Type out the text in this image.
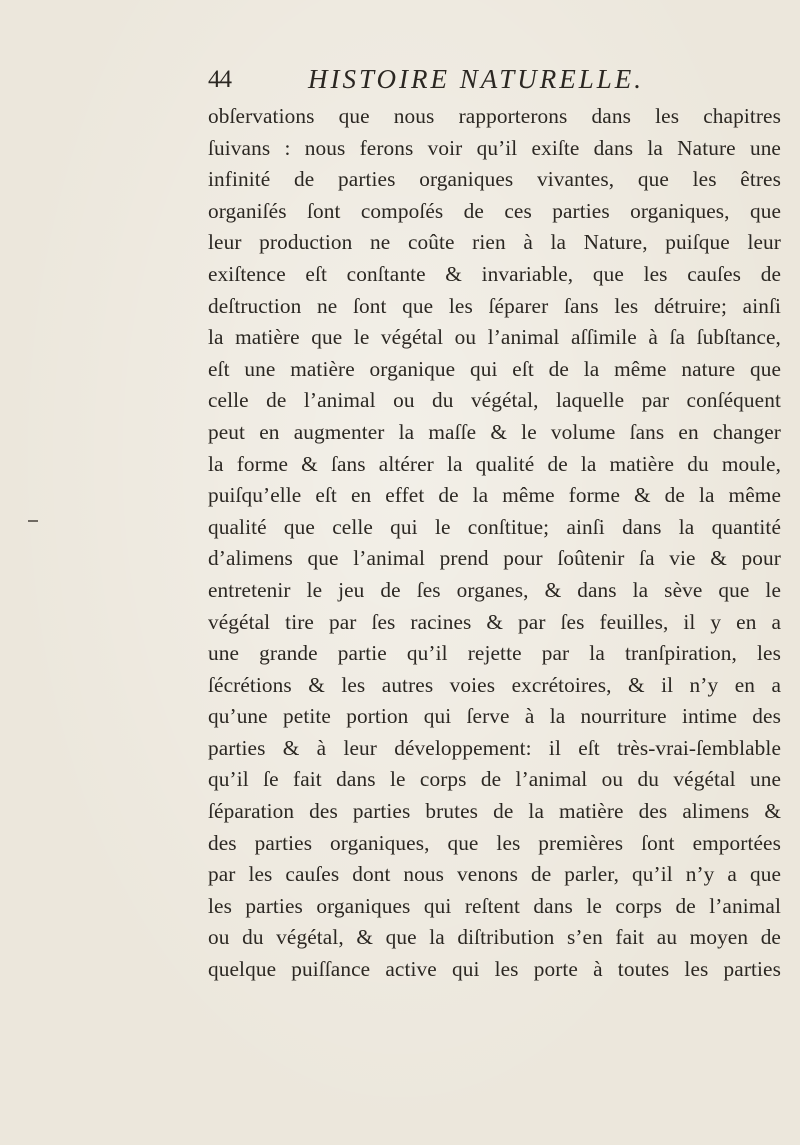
44	HISTOIRE NATURELLE.
obſervations que nous rapporterons dans les chapitres
ſuivans : nous ferons voir qu’il exiſte dans la Nature une
infinité de parties organiques vivantes, que les êtres
organiſés ſont compoſés de ces parties organiques, que
leur production ne coûte rien à la Nature, puiſque leur
exiſtence eſt conſtante & invariable, que les cauſes de
deſtruction ne ſont que les ſéparer ſans les détruire; ainſi
la matière que le végétal ou l’animal aſſimile à ſa ſubſtance,
eſt une matière organique qui eſt de la même nature que
celle de l’animal ou du végétal, laquelle par conſéquent
peut en augmenter la maſſe & le volume ſans en changer
la forme & ſans altérer la qualité de la matière du moule,
puiſqu’elle eſt en effet de la même forme & de la même
qualité que celle qui le conſtitue; ainſi dans la quantité
d’alimens que l’animal prend pour ſoûtenir ſa vie & pour
entretenir le jeu de ſes organes, & dans la sève que le
végétal tire par ſes racines & par ſes feuilles, il y en a
une grande partie qu’il rejette par la tranſpiration, les
ſécrétions & les autres voies excrétoires, & il n’y en a
qu’une petite portion qui ſerve à la nourriture intime des
parties & à leur développement: il eſt très-vrai-ſemblable
qu’il ſe fait dans le corps de l’animal ou du végétal une
ſéparation des parties brutes de la matière des alimens &
des parties organiques, que les premières ſont emportées
par les cauſes dont nous venons de parler, qu’il n’y a que
les parties organiques qui reſtent dans le corps de l’animal
ou du végétal, & que la diſtribution s’en fait au moyen de
quelque puiſſance active qui les porte à toutes les parties
